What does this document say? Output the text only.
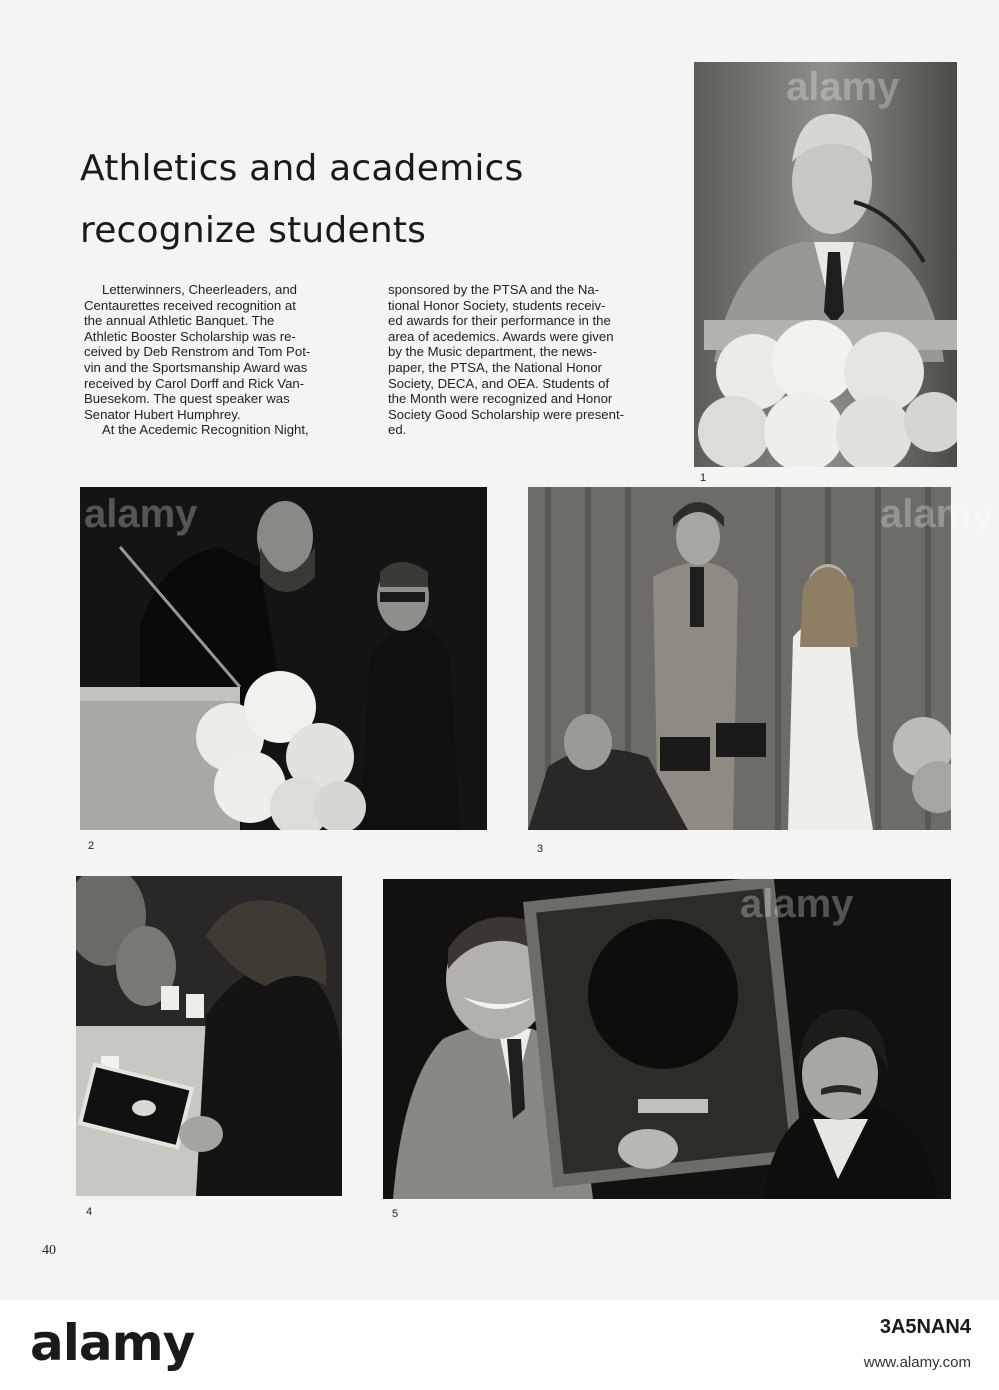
Athletics and academics
recognize students
Letterwinners, Cheerleaders, and
Centaurettes received recognition at
the annual Athletic Banquet. The
Athletic Booster Scholarship was re-
ceived by Deb Renstrom and Tom Pot-
vin and the Sportsmanship Award was
received by Carol Dorff and Rick Van-
Buesekom. The quest speaker was
Senator Hubert Humphrey.
At the Acedemic Recognition Night,
sponsored by the PTSA and the Na-
tional Honor Society, students receiv-
ed awards for their performance in the
area of acedemics. Awards were given
by the Music department, the news-
paper, the PTSA, the National Honor
Society, DECA, and OEA. Students of
the Month were recognized and Honor
Society Good Scholarship were present-
ed.
1
2	3
4	5
alamy
alamy	alamy
alamy
40
alamy	3A5NAN4
www.alamy.com
